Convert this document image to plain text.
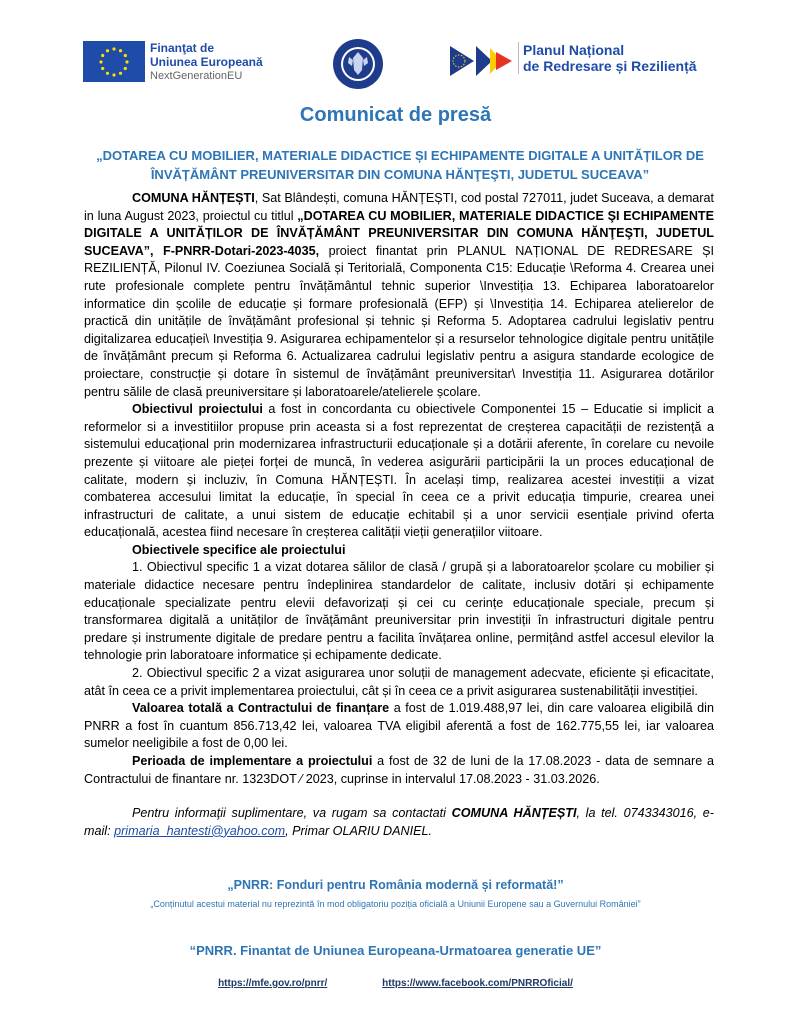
Finanţat de
Uniunea Europeană
NextGenerationEU
Planul Național
de Redresare și Reziliență
Comunicat de presă
„DOTAREA CU MOBILIER, MATERIALE DIDACTICE ȘI ECHIPAMENTE DIGITALE A UNITĂȚILOR DE ÎNVĂȚĂMÂNT PREUNIVERSITAR DIN COMUNA HĂNŢEŞTI, JUDETUL SUCEAVA”

COMUNA HĂNȚEȘTI, Sat Blândești, comuna HĂNȚEȘTI, cod postal 727011, judet Suceava, a demarat in luna August 2023, proiectul cu titlul „DOTAREA CU MOBILIER, MATERIALE DIDACTICE ŞI ECHIPAMENTE DIGITALE A UNITĂȚILOR DE ÎNVĂȚĂMÂNT PREUNIVERSITAR DIN COMUNA HĂNŢEŞTI, JUDETUL SUCEAVA”, F-PNRR-Dotari-2023-4035, proiect finantat prin PLANUL NAȚIONAL DE REDRESARE ȘI REZILIENȚĂ, Pilonul IV. Coeziunea Socială și Teritorială, Componenta C15: Educație \Reforma 4. Crearea unei rute profesionale complete pentru învățământul tehnic superior \Investiția 13. Echiparea laboratoarelor informatice din școlile de educație și formare profesională (EFP) și \Investiția 14. Echiparea atelierelor de practică din unitățile de învățământ profesional și tehnic și Reforma 5. Adoptarea cadrului legislativ pentru digitalizarea educației\ Investiția 9. Asigurarea echipamentelor și a resurselor tehnologice digitale pentru unitățile de învățământ precum și Reforma 6. Actualizarea cadrului legislativ pentru a asigura standarde ecologice de proiectare, construcție și dotare în sistemul de învățământ preuniversitar\ Investiția 11. Asigurarea dotărilor pentru sălile de clasă preuniversitare și laboratoarele/atelierele școlare.

Obiectivul proiectului a fost in concordanta cu obiectivele Componentei 15 – Educatie si implicit a reformelor si a investitiilor propuse prin aceasta si a fost reprezentat de creșterea capacității de rezistență a sistemului educațional prin modernizarea infrastructurii educaționale și a dotării aferente, în corelare cu nevoile prezente și viitoare ale pieței forței de muncă, în vederea asigurării participării la un proces educațional de calitate, modern și incluziv, în Comuna HĂNȚEȘTI. În același timp, realizarea acestei investiții a vizat combaterea accesului limitat la educație, în special în ceea ce a privit educația timpurie, crearea unei infrastructuri de calitate, a unui sistem de educație echitabil și a unor servicii esențiale privind oferta educațională, acestea fiind necesare în creșterea calității vieții generațiilor viitoare.

Obiectivele specifice ale proiectului

1. Obiectivul specific 1 a vizat dotarea sălilor de clasă / grupă și a laboratoarelor școlare cu mobilier și materiale didactice necesare pentru îndeplinirea standardelor de calitate, inclusiv dotări și echipamente educaționale specializate pentru elevii defavorizați și cei cu cerințe educaționale speciale, precum și transformarea digitală a unităților de învățământ preuniversitar prin investiții în infrastructuri digitale pentru predare și instrumente digitale de predare pentru a facilita învățarea online, permițând astfel accesul elevilor la tehnologie prin laboratoare informatice și echipamente dedicate.

2. Obiectivul specific 2 a vizat asigurarea unor soluții de management adecvate, eficiente și eficacitate, atât în ceea ce a privit implementarea proiectului, cât și în ceea ce a privit asigurarea sustenabilității investiției.

Valoarea totală a Contractului de finanțare a fost de 1.019.488,97 lei, din care valoarea eligibilă din PNRR a fost în cuantum 856.713,42 lei, valoarea TVA eligibil aferentă a fost de 162.775,55 lei, iar valoarea sumelor neeligibile a fost de 0,00 lei.

Perioada de implementare a proiectului a fost de 32 de luni de la 17.08.2023 - data de semnare a Contractului de finantare nr. 1323DOT ⁄ 2023, cuprinse in intervalul 17.08.2023 - 31.03.2026.

Pentru informaţii suplimentare, va rugam sa contactati COMUNA HĂNȚEȘTI, la tel. 0743343016, e-mail: primaria_hantesti@yahoo.com, Primar OLARIU DANIEL.

„PNRR: Fonduri pentru România modernă și reformată!”
„Conținutul acestui material nu reprezintă în mod obligatoriu poziția oficială a Uniunii Europene sau a Guvernului României”
“PNRR. Finantat de Uniunea Europeana-Urmatoarea generatie UE”
https://mfe.gov.ro/pnrr/	https://www.facebook.com/PNRROficial/
